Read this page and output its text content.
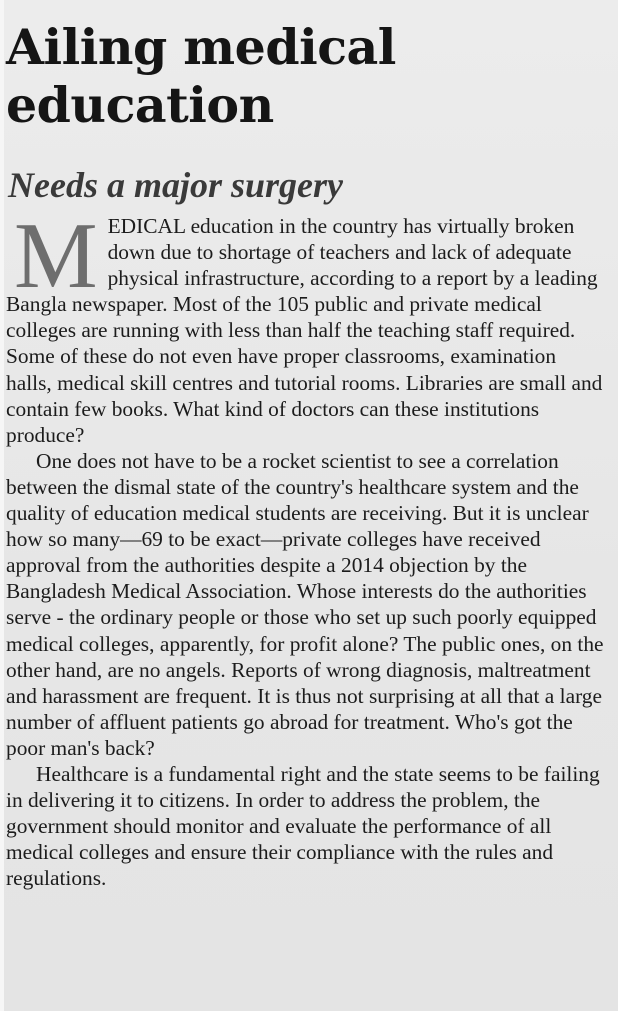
Ailing medical
education
Needs a major surgery

MEDICAL education in the country has virtually broken down due to shortage of teachers and lack of adequate physical infrastructure, according to a report by a leading Bangla newspaper. Most of the 105 public and private medical colleges are running with less than half the teaching staff required. Some of these do not even have proper classrooms, examination halls, medical skill centres and tutorial rooms. Libraries are small and contain few books. What kind of doctors can these institutions produce?

One does not have to be a rocket scientist to see a correlation between the dismal state of the country's healthcare system and the quality of education medical students are receiving. But it is unclear how so many—69 to be exact—private colleges have received approval from the authorities despite a 2014 objection by the Bangladesh Medical Association. Whose interests do the authorities serve - the ordinary people or those who set up such poorly equipped medical colleges, apparently, for profit alone? The public ones, on the other hand, are no angels. Reports of wrong diagnosis, maltreatment and harassment are frequent. It is thus not surprising at all that a large number of affluent patients go abroad for treatment. Who's got the poor man's back?

Healthcare is a fundamental right and the state seems to be failing in delivering it to citizens. In order to address the problem, the government should monitor and evaluate the performance of all medical colleges and ensure their compliance with the rules and regulations.
